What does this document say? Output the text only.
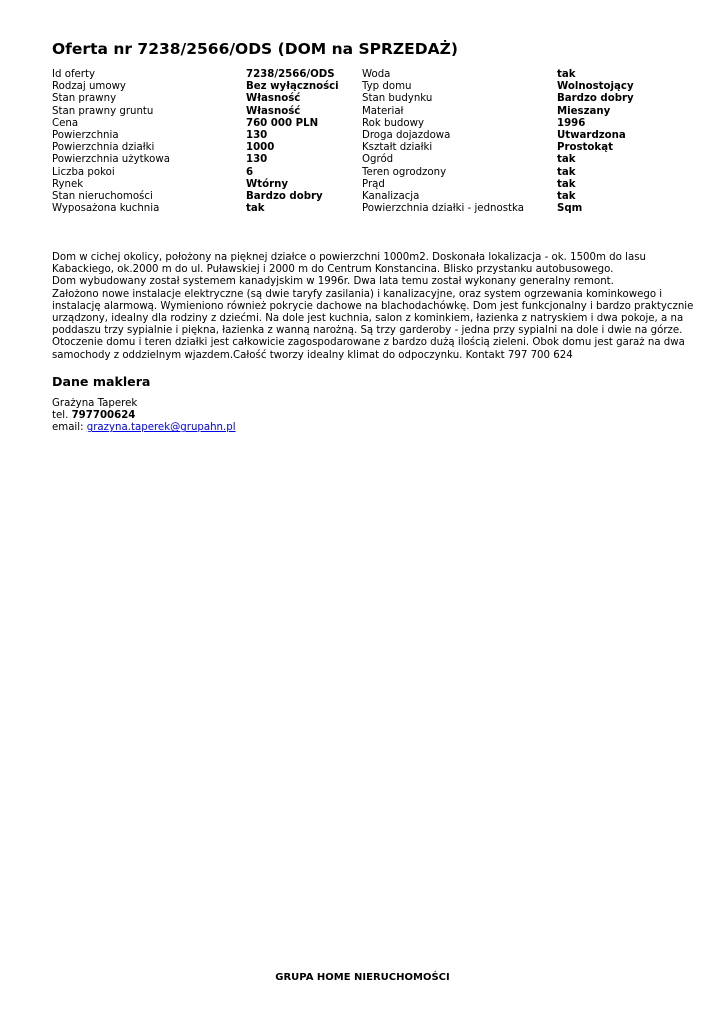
Oferta nr 7238/2566/ODS (DOM na SPRZEDAŻ)
Id oferty	7238/2566/ODS	Woda	tak
Rodzaj umowy	Bez wyłączności	Typ domu	Wolnostojący
Stan prawny	Własność	Stan budynku	Bardzo dobry
Stan prawny gruntu	Własność	Materiał	Mieszany
Cena	760 000 PLN	Rok budowy	1996
Powierzchnia	130	Droga dojazdowa	Utwardzona
Powierzchnia działki	1000	Kształt działki	Prostokąt
Powierzchnia użytkowa	130	Ogród	tak
Liczba pokoi	6	Teren ogrodzony	tak
Rynek	Wtórny	Prąd	tak
Stan nieruchomości	Bardzo dobry	Kanalizacja	tak
Wyposażona kuchnia	tak	Powierzchnia działki - jednostka	Sqm
Dom w cichej okolicy, położony na pięknej działce o powierzchni 1000m2. Doskonała lokalizacja - ok. 1500m do lasu
Kabackiego, ok.2000 m do ul. Puławskiej i 2000 m do Centrum Konstancina. Blisko przystanku autobusowego.
Dom wybudowany został systemem kanadyjskim w 1996r. Dwa lata temu został wykonany generalny remont.
Założono nowe instalacje elektryczne (są dwie taryfy zasilania) i kanalizacyjne, oraz system ogrzewania kominkowego i
instalację alarmową. Wymieniono również pokrycie dachowe na blachodachówkę. Dom jest funkcjonalny i bardzo praktycznie
urządzony, idealny dla rodziny z dziećmi. Na dole jest kuchnia, salon z kominkiem, łazienka z natryskiem i dwa pokoje, a na
poddaszu trzy sypialnie i piękna, łazienka z wanną narożną. Są trzy garderoby - jedna przy sypialni na dole i dwie na górze.
Otoczenie domu i teren działki jest całkowicie zagospodarowane z bardzo dużą ilością zieleni. Obok domu jest garaż na dwa
samochody z oddzielnym wjazdem.Całość tworzy idealny klimat do odpoczynku. Kontakt 797 700 624
Dane maklera
Grażyna Taperek
tel. 797700624
email: grazyna.taperek@grupahn.pl
GRUPA HOME NIERUCHOMOŚCI
